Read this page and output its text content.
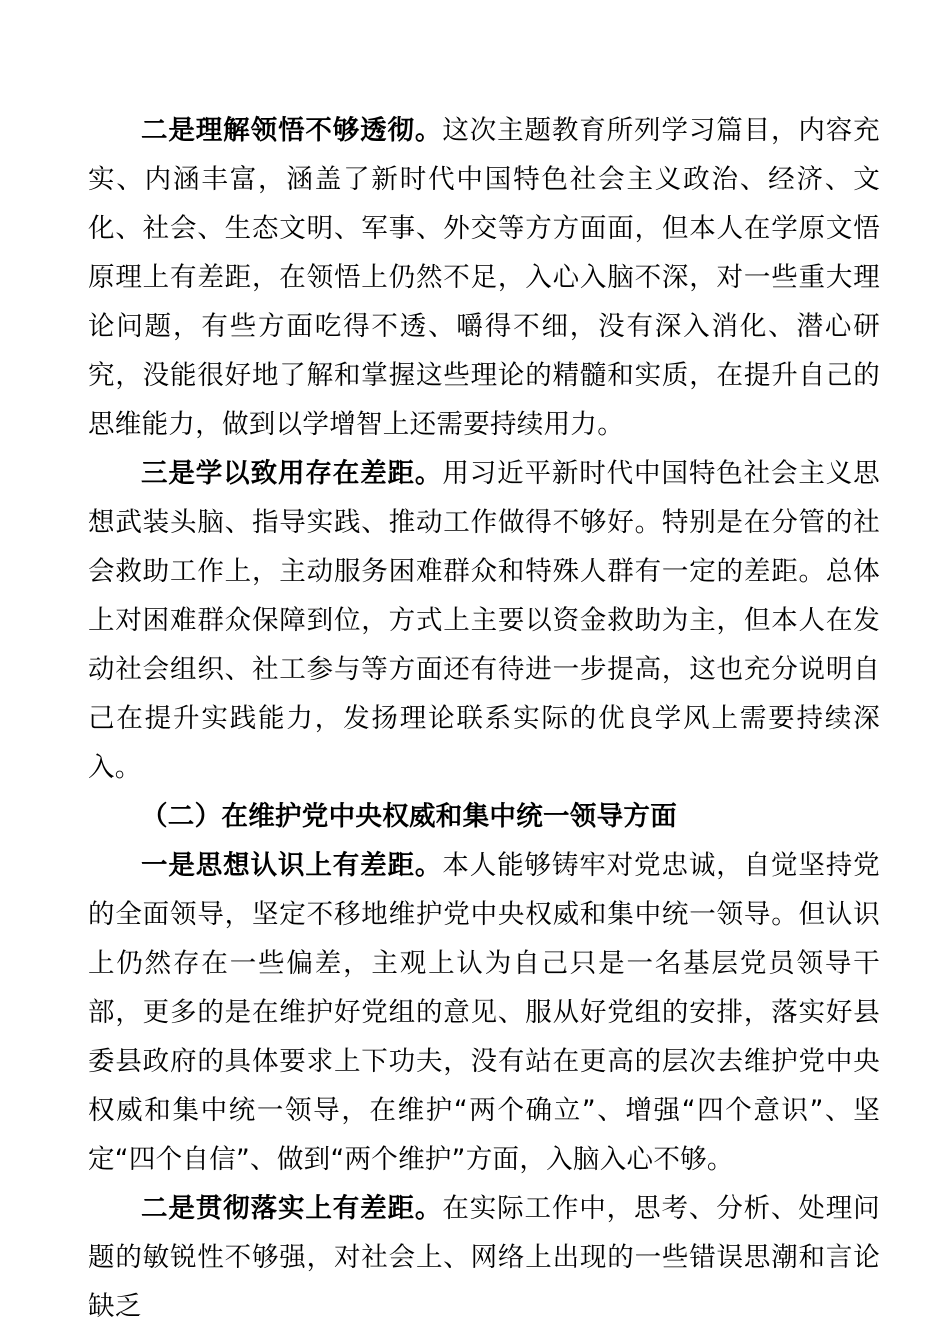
二是理解领悟不够透彻。这次主题教育所列学习篇目，内容充实、内涵丰富，涵盖了新时代中国特色社会主义政治、经济、文化、社会、生态文明、军事、外交等方方面面，但本人在学原文悟原理上有差距，在领悟上仍然不足，入心入脑不深，对一些重大理论问题，有些方面吃得不透、嚼得不细，没有深入消化、潜心研究，没能很好地了解和掌握这些理论的精髓和实质，在提升自己的思维能力，做到以学增智上还需要持续用力。

三是学以致用存在差距。用习近平新时代中国特色社会主义思想武装头脑、指导实践、推动工作做得不够好。特别是在分管的社会救助工作上，主动服务困难群众和特殊人群有一定的差距。总体上对困难群众保障到位，方式上主要以资金救助为主，但本人在发动社会组织、社工参与等方面还有待进一步提高，这也充分说明自己在提升实践能力，发扬理论联系实际的优良学风上需要持续深入。

（二）在维护党中央权威和集中统一领导方面

一是思想认识上有差距。本人能够铸牢对党忠诚，自觉坚持党的全面领导，坚定不移地维护党中央权威和集中统一领导。但认识上仍然存在一些偏差，主观上认为自己只是一名基层党员领导干部，更多的是在维护好党组的意见、服从好党组的安排，落实好县委县政府的具体要求上下功夫，没有站在更高的层次去维护党中央权威和集中统一领导，在维护“两个确立”、增强“四个意识”、坚定“四个自信”、做到“两个维护”方面，入脑入心不够。

二是贯彻落实上有差距。在实际工作中，思考、分析、处理问题的敏锐性不够强，对社会上、网络上出现的一些错误思潮和言论缺乏
